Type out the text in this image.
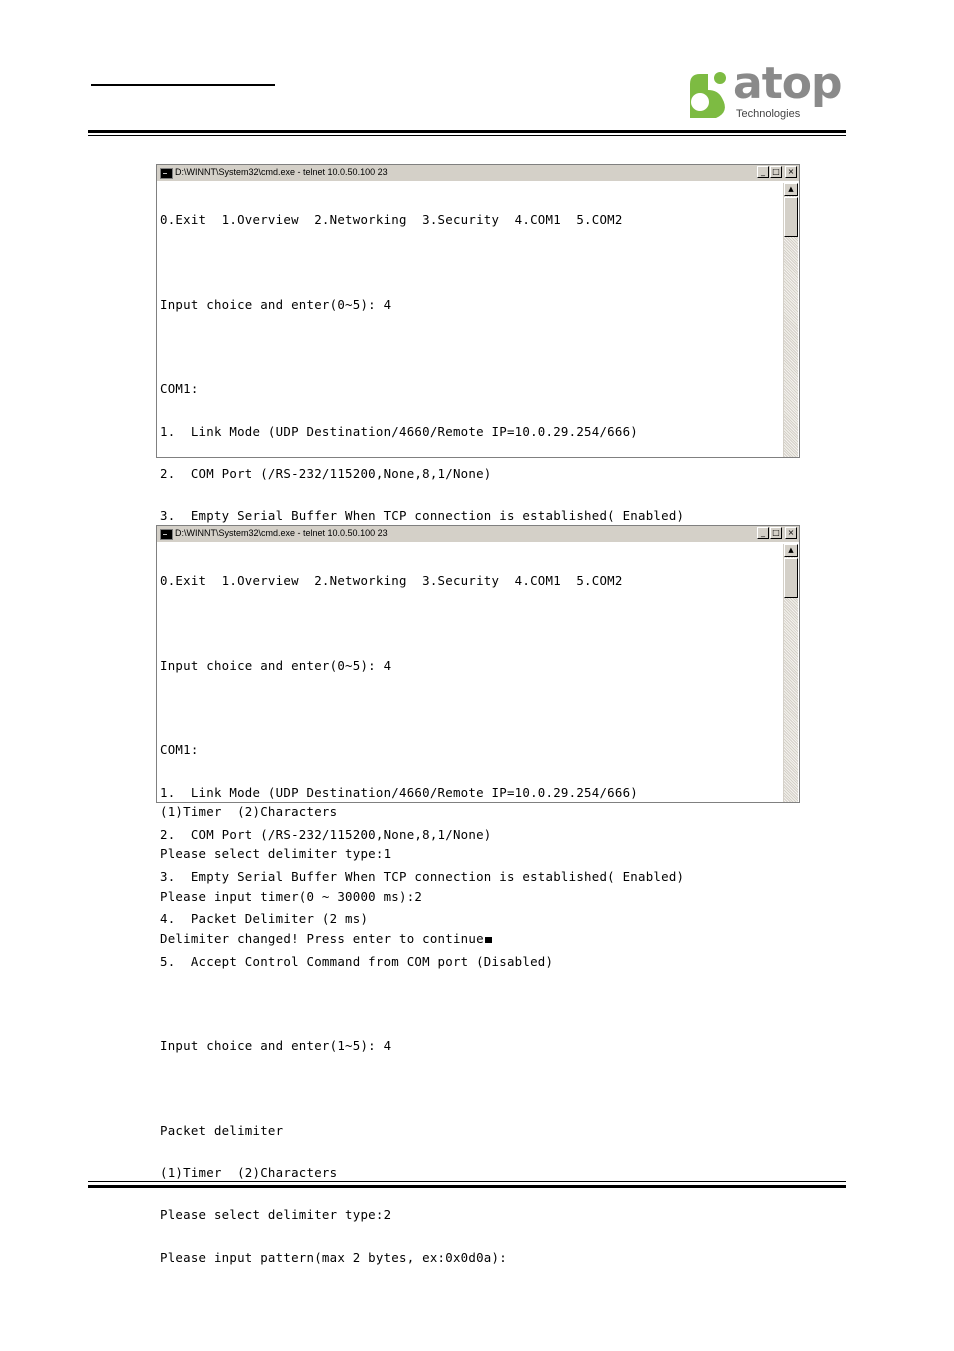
atop
Technologies
D:\WINNT\System32\cmd.exe - telnet 10.0.50.100 23	_ □ ×

0.Exit  1.Overview  2.Networking  3.Security  4.COM1  5.COM2

Input choice and enter(0~5): 4

COM1:

1.  Link Mode (UDP Destination/4660/Remote IP=10.0.29.254/666)

2.  COM Port (/RS-232/115200,None,8,1/None)

3.  Empty Serial Buffer When TCP connection is established( Enabled)

(1)Timer  (2)Characters

Please select delimiter type:1

Please input timer(0 ~ 30000 ms):2

Delimiter changed! Press enter to continue

▲
D:\WINNT\System32\cmd.exe - telnet 10.0.50.100 23	_ □ ×

0.Exit  1.Overview  2.Networking  3.Security  4.COM1  5.COM2

Input choice and enter(0~5): 4

COM1:

1.  Link Mode (UDP Destination/4660/Remote IP=10.0.29.254/666)

2.  COM Port (/RS-232/115200,None,8,1/None)

3.  Empty Serial Buffer When TCP connection is established( Enabled)

4.  Packet Delimiter (2 ms)

5.  Accept Control Command from COM port (Disabled)

Input choice and enter(1~5): 4

Packet delimiter

(1)Timer  (2)Characters

Please select delimiter type:2

Please input pattern(max 2 bytes, ex:0x0d0a):

▲
